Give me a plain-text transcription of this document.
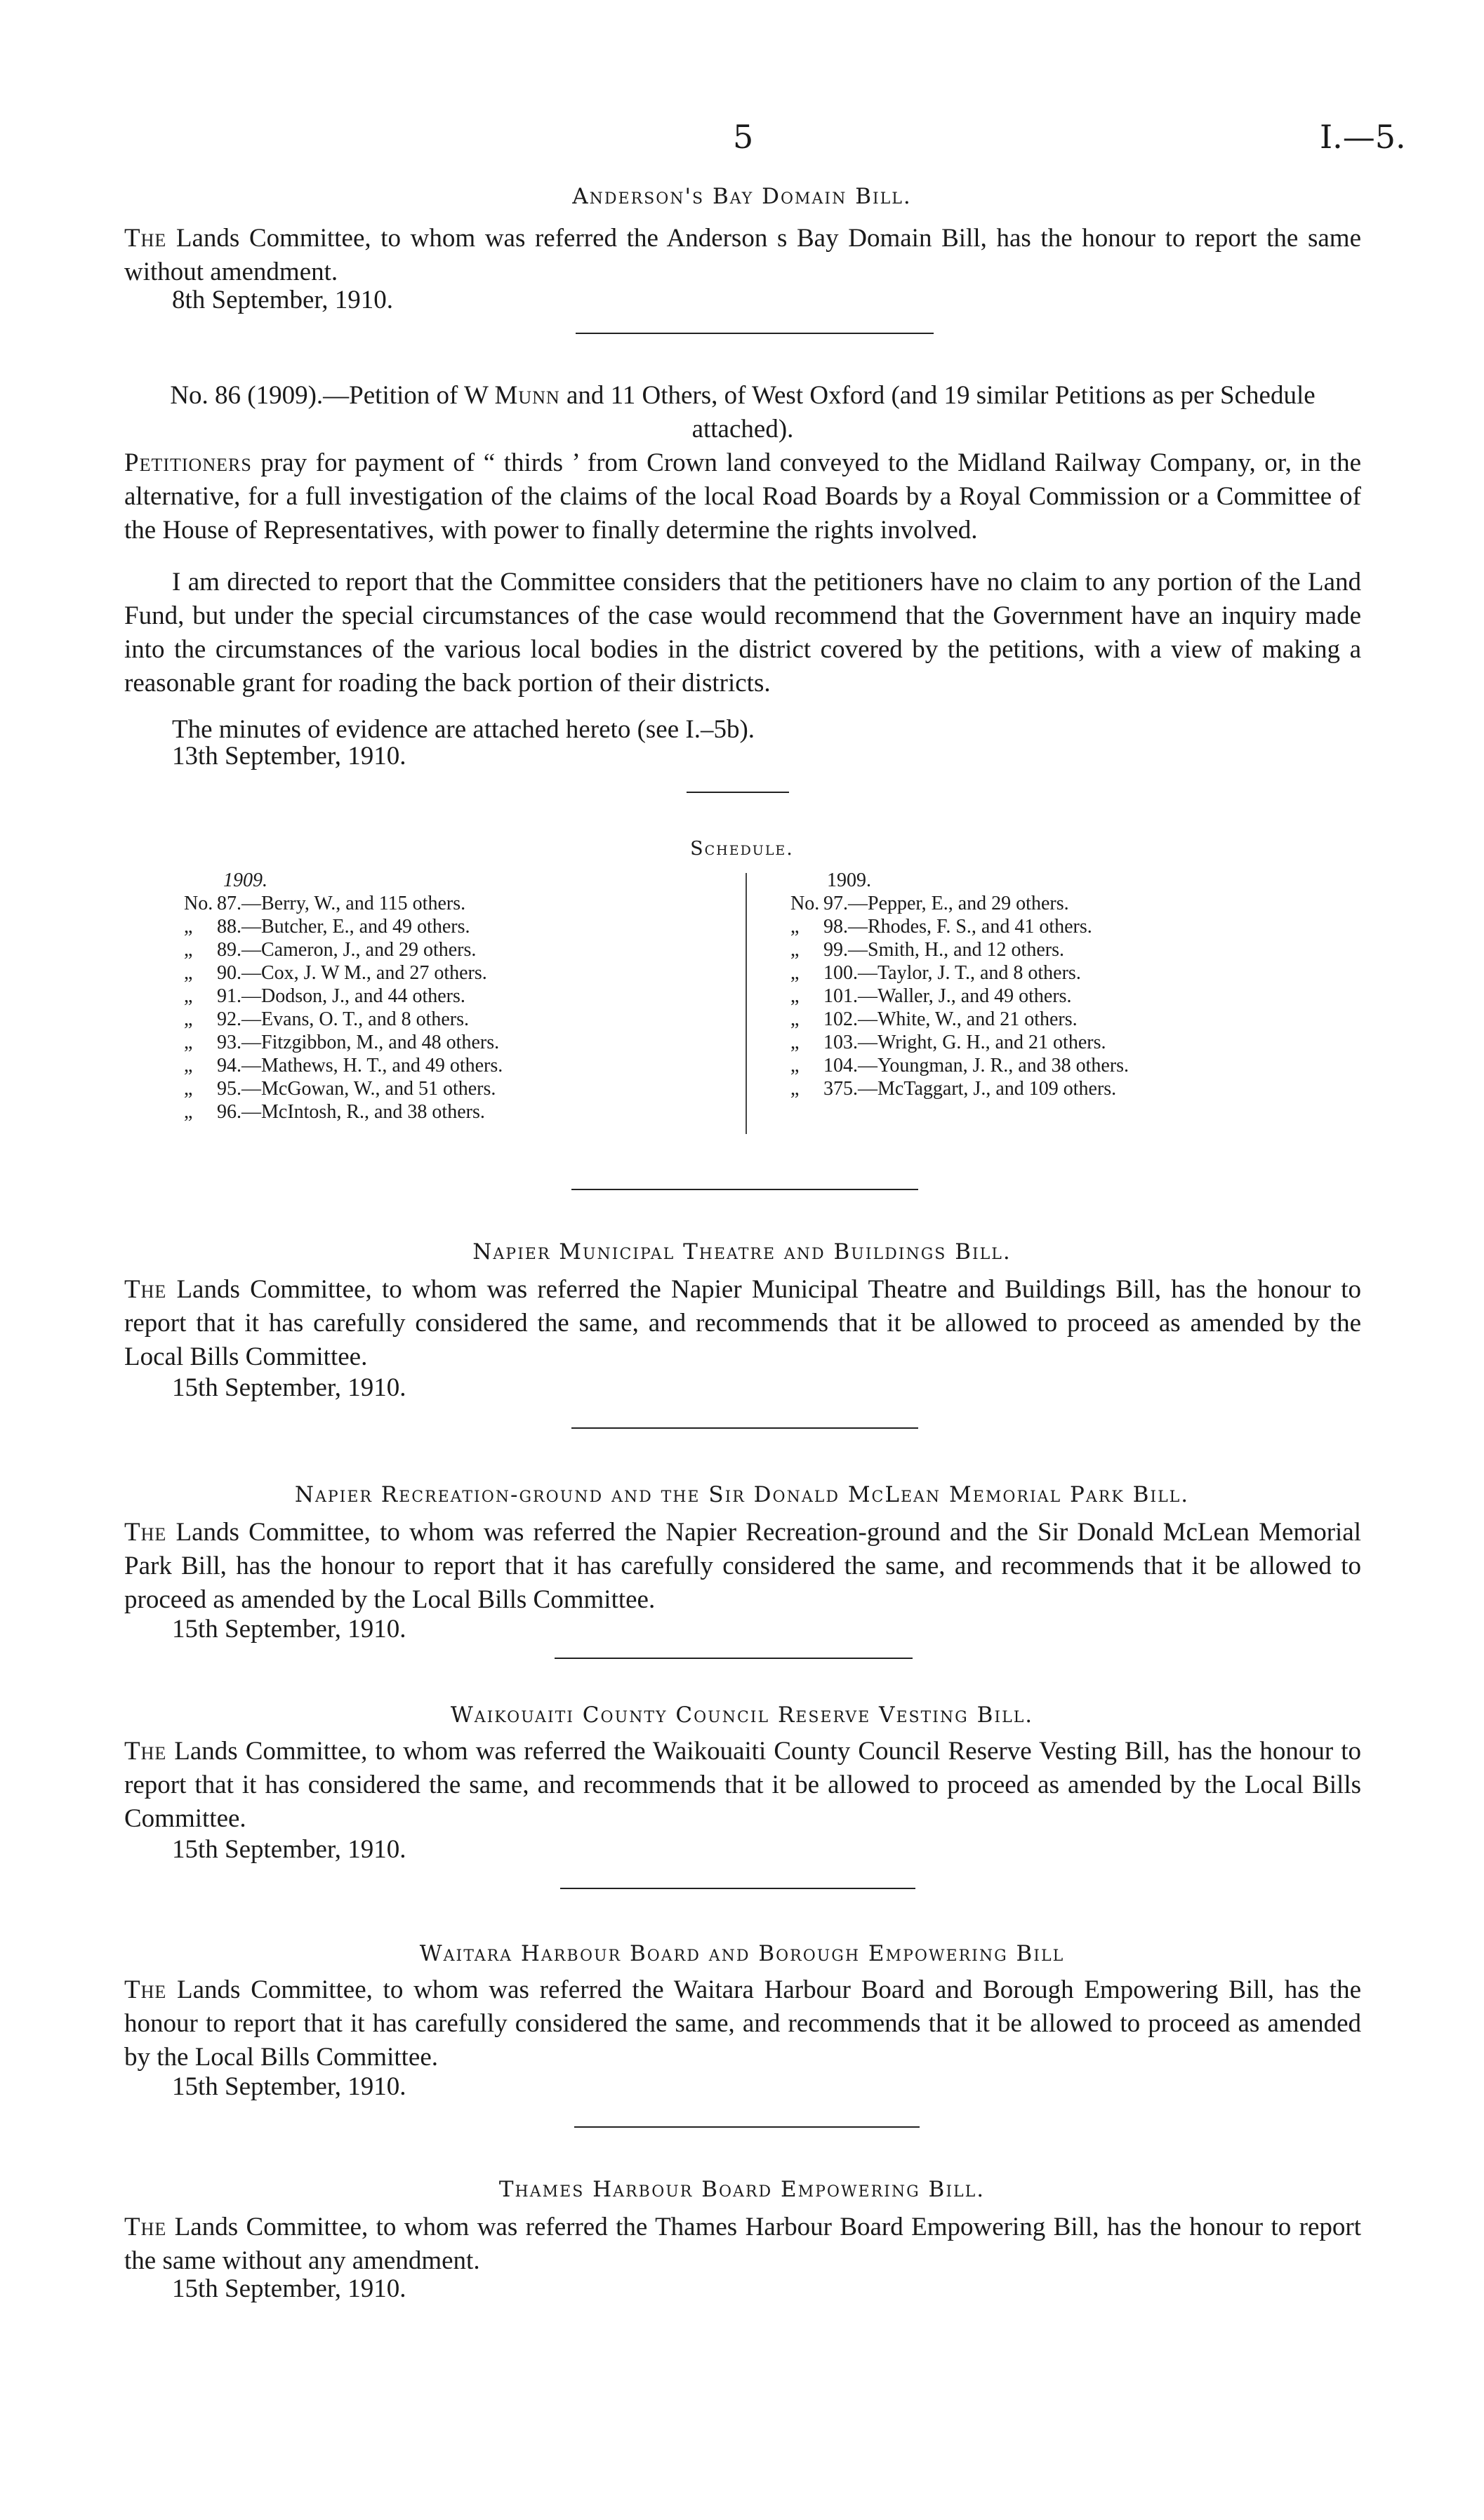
5	I.—5.
Anderson's Bay Domain Bill.
The Lands Committee, to whom was referred the Anderson s Bay Domain Bill, has the honour to report the same without amendment.
8th September, 1910.
No. 86 (1909).—Petition of W Munn and 11 Others, of West Oxford (and 19 similar Petitions as per Schedule attached).
Petitioners pray for payment of “ thirds ’ from Crown land conveyed to the Midland Railway Company, or, in the alternative, for a full investigation of the claims of the local Road Boards by a Royal Commission or a Committee of the House of Representatives, with power to finally determine the rights involved.
I am directed to report that the Committee considers that the petitioners have no claim to any portion of the Land Fund, but under the special circumstances of the case would recommend that the Government have an inquiry made into the circumstances of the various local bodies in the district covered by the petitions, with a view of making a reasonable grant for roading the back portion of their districts.
The minutes of evidence are attached hereto (see I.–5b).
13th September, 1910.
Schedule.
1909.
No. 87.—Berry, W., and 115 others.
„ 88.—Butcher, E., and 49 others.
„ 89.—Cameron, J., and 29 others.
„ 90.—Cox, J. W M., and 27 others.
„ 91.—Dodson, J., and 44 others.
„ 92.—Evans, O. T., and 8 others.
„ 93.—Fitzgibbon, M., and 48 others.
„ 94.—Mathews, H. T., and 49 others.
„ 95.—McGowan, W., and 51 others.
„ 96.—McIntosh, R., and 38 others.
1909.
No. 97.—Pepper, E., and 29 others.
„ 98.—Rhodes, F. S., and 41 others.
„ 99.—Smith, H., and 12 others.
„ 100.—Taylor, J. T., and 8 others.
„ 101.—Waller, J., and 49 others.
„ 102.—White, W., and 21 others.
„ 103.—Wright, G. H., and 21 others.
„ 104.—Youngman, J. R., and 38 others.
„ 375.—McTaggart, J., and 109 others.
Napier Municipal Theatre and Buildings Bill.
The Lands Committee, to whom was referred the Napier Municipal Theatre and Buildings Bill, has the honour to report that it has carefully considered the same, and recommends that it be allowed to proceed as amended by the Local Bills Committee.
15th September, 1910.
Napier Recreation-ground and the Sir Donald McLean Memorial Park Bill.
The Lands Committee, to whom was referred the Napier Recreation-ground and the Sir Donald McLean Memorial Park Bill, has the honour to report that it has carefully considered the same, and recommends that it be allowed to proceed as amended by the Local Bills Committee.
15th September, 1910.
Waikouaiti County Council Reserve Vesting Bill.
The Lands Committee, to whom was referred the Waikouaiti County Council Reserve Vesting Bill, has the honour to report that it has considered the same, and recommends that it be allowed to proceed as amended by the Local Bills Committee.
15th September, 1910.
Waitara Harbour Board and Borough Empowering Bill
The Lands Committee, to whom was referred the Waitara Harbour Board and Borough Empowering Bill, has the honour to report that it has carefully considered the same, and recommends that it be allowed to proceed as amended by the Local Bills Committee.
15th September, 1910.
Thames Harbour Board Empowering Bill.
The Lands Committee, to whom was referred the Thames Harbour Board Empowering Bill, has the honour to report the same without any amendment.
15th September, 1910.
